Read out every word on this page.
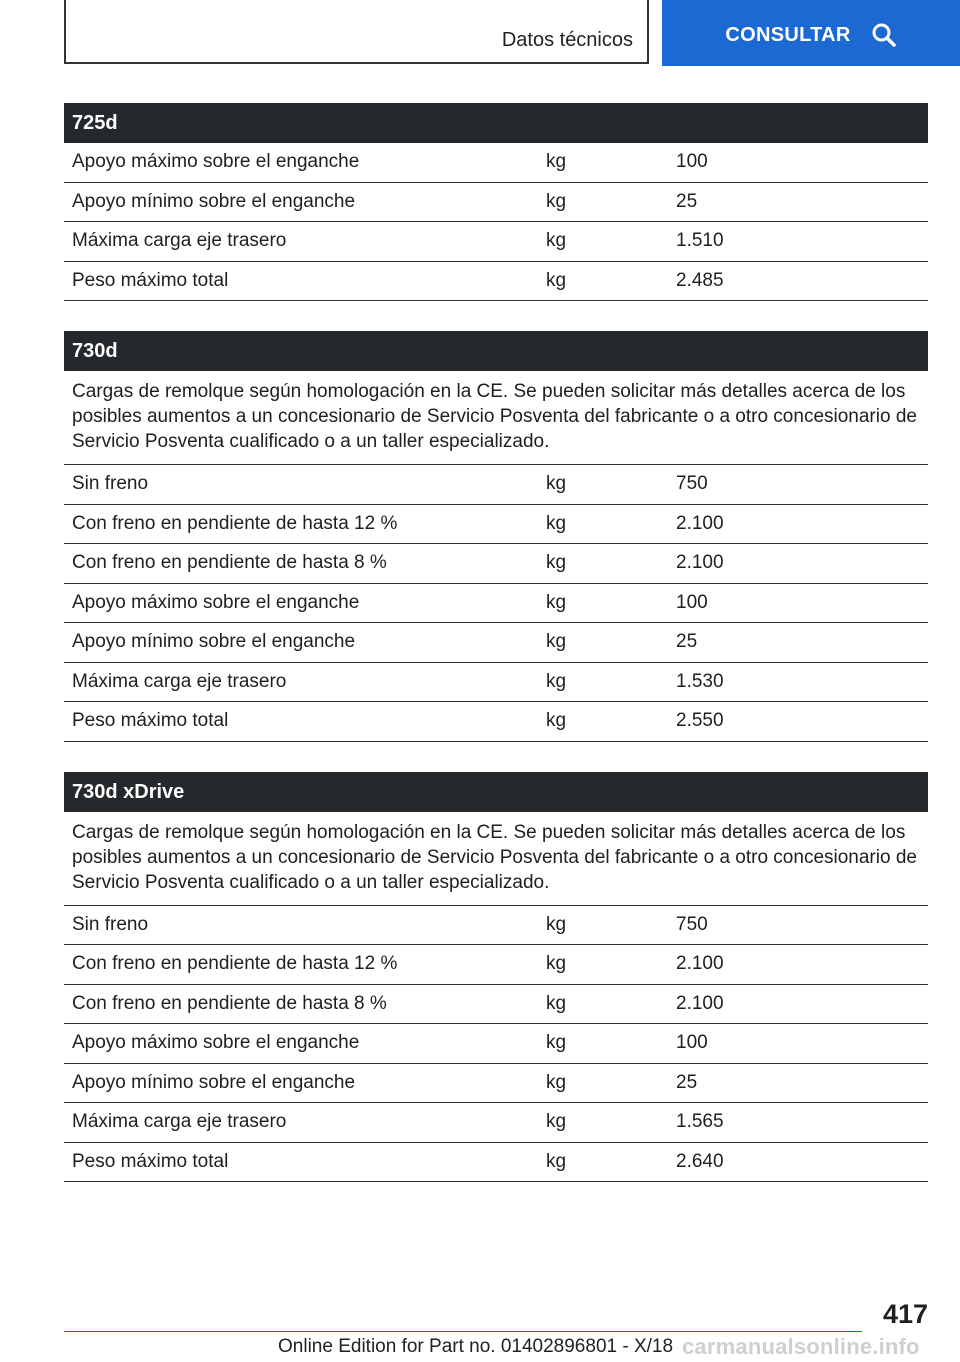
Datos técnicos	CONSULTAR
725d
Apoyo máximo sobre el enganche	kg	100
Apoyo mínimo sobre el enganche	kg	25
Máxima carga eje trasero	kg	1.510
Peso máximo total	kg	2.485
730d
Cargas de remolque según homologación en la CE. Se pueden solicitar más detalles acerca de los posibles aumentos a un concesionario de Servicio Posventa del fabricante o a otro concesionario de Servicio Posventa cualificado o a un taller especializado.
Sin freno	kg	750
Con freno en pendiente de hasta 12 %	kg	2.100
Con freno en pendiente de hasta 8 %	kg	2.100
Apoyo máximo sobre el enganche	kg	100
Apoyo mínimo sobre el enganche	kg	25
Máxima carga eje trasero	kg	1.530
Peso máximo total	kg	2.550
730d xDrive
Cargas de remolque según homologación en la CE. Se pueden solicitar más detalles acerca de los posibles aumentos a un concesionario de Servicio Posventa del fabricante o a otro concesionario de Servicio Posventa cualificado o a un taller especializado.
Sin freno	kg	750
Con freno en pendiente de hasta 12 %	kg	2.100
Con freno en pendiente de hasta 8 %	kg	2.100
Apoyo máximo sobre el enganche	kg	100
Apoyo mínimo sobre el enganche	kg	25
Máxima carga eje trasero	kg	1.565
Peso máximo total	kg	2.640
417
Online Edition for Part no. 01402896801 - X/18 carmanualsonline.info
